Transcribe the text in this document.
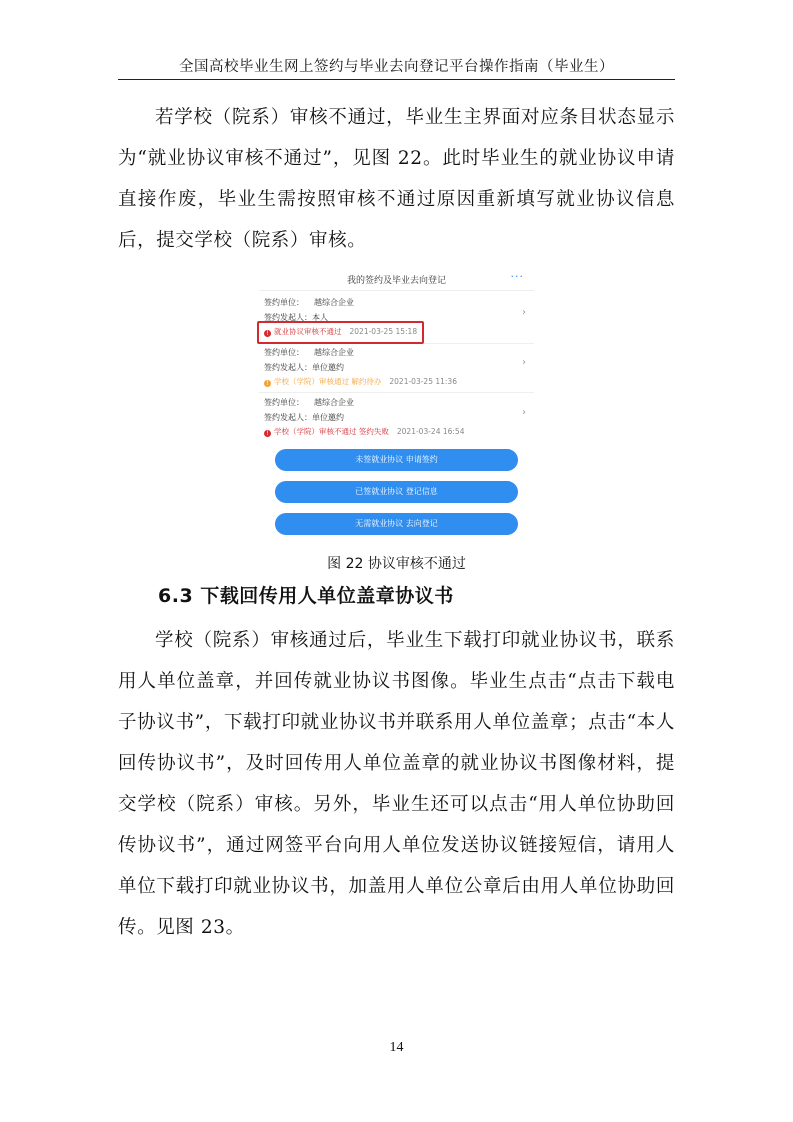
全国高校毕业生网上签约与毕业去向登记平台操作指南（毕业生）

若学校（院系）审核不通过，毕业生主界面对应条目状态显示为“就业协议审核不通过”，见图 22。此时毕业生的就业协议申请直接作废，毕业生需按照审核不通过原因重新填写就业协议信息后，提交学校（院系）审核。

我的签约及毕业去向登记	···
签约单位： 越综合企业
签约发起人：本人
! 就业协议审核不通过 2021-03-25 15:18
›
签约单位： 越综合企业
签约发起人：单位邀约
! 学校（学院）审核通过 解约待办 2021-03-25 11:36
›
签约单位： 越综合企业
签约发起人：单位邀约
! 学校（学院）审核不通过 签约失败 2021-03-24 16:54
›
未签就业协议 申请签约
已签就业协议 登记信息
无需就业协议 去向登记
图 22 协议审核不通过
6.3 下载回传用人单位盖章协议书

学校（院系）审核通过后，毕业生下载打印就业协议书，联系用人单位盖章，并回传就业协议书图像。毕业生点击“点击下载电子协议书”，下载打印就业协议书并联系用人单位盖章；点击“本人回传协议书”，及时回传用人单位盖章的就业协议书图像材料，提交学校（院系）审核。另外，毕业生还可以点击“用人单位协助回传协议书”，通过网签平台向用人单位发送协议链接短信，请用人单位下载打印就业协议书，加盖用人单位公章后由用人单位协助回传。见图 23。

14
